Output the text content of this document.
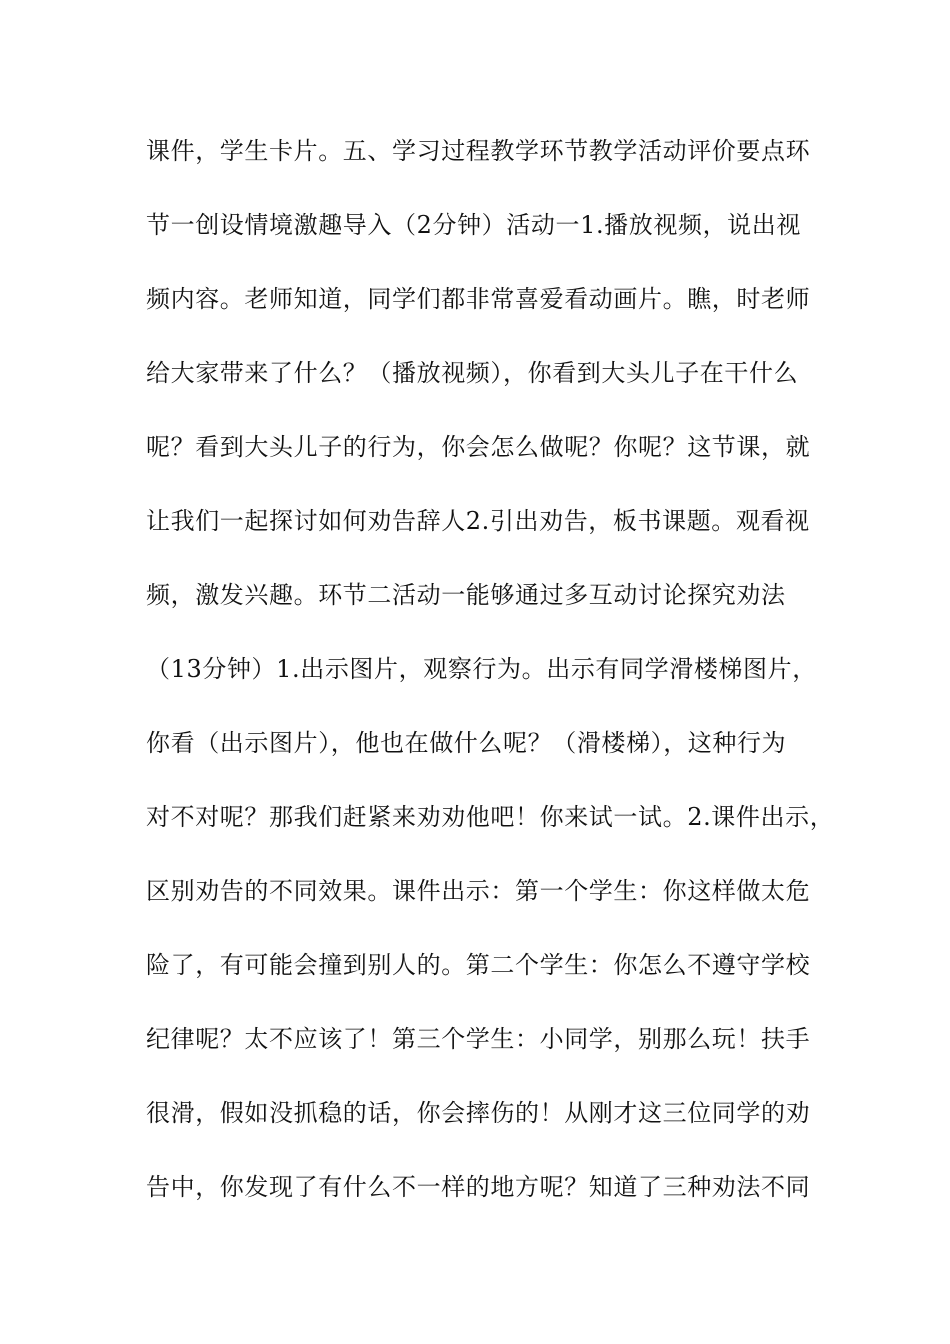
课件，学生卡片。五、学习过程教学环节教学活动评价要点环
节一创设情境激趣导入（2分钟）活动一1.播放视频，说出视
频内容。老师知道，同学们都非常喜爱看动画片。瞧，时老师
给大家带来了什么？（播放视频），你看到大头儿子在干什么
呢？看到大头儿子的行为，你会怎么做呢？你呢？这节课，就
让我们一起探讨如何劝告辞人2.引出劝告，板书课题。观看视
频，激发兴趣。环节二活动一能够通过多互动讨论探究劝法
（13分钟）1.出示图片，观察行为。出示有同学滑楼梯图片，
你看（出示图片），他也在做什么呢？（滑楼梯），这种行为
对不对呢？那我们赶紧来劝劝他吧！你来试一试。2.课件出示，
区别劝告的不同效果。课件出示：第一个学生：你这样做太危
险了，有可能会撞到别人的。第二个学生：你怎么不遵守学校
纪律呢？太不应该了！第三个学生：小同学，别那么玩！扶手
很滑，假如没抓稳的话，你会摔伤的！从刚才这三位同学的劝
告中，你发现了有什么不一样的地方呢？知道了三种劝法不同
